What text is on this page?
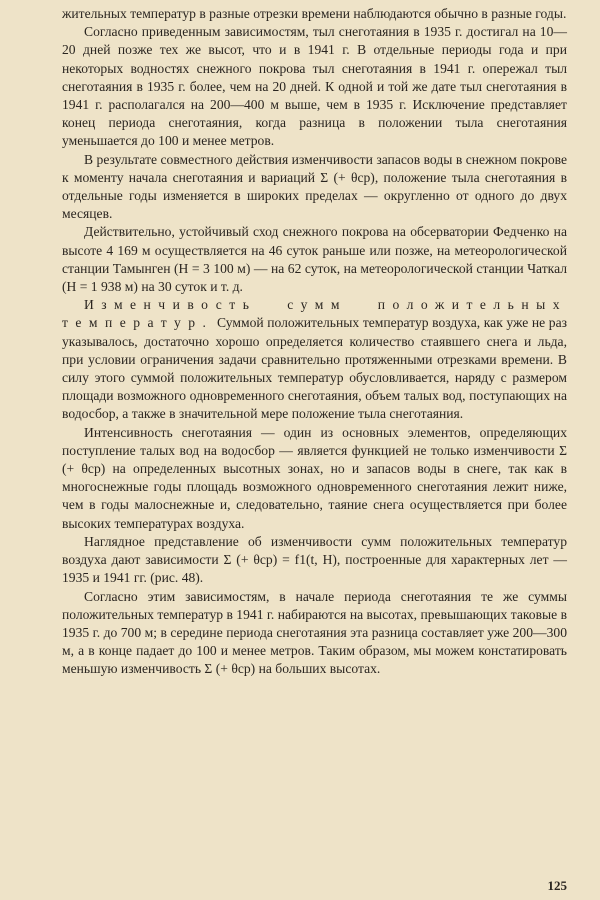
жительных температур в разные отрезки времени наблюдаются обычно в разные годы.

Согласно приведенным зависимостям, тыл снеготаяния в 1935 г. достигал на 10—20 дней позже тех же высот, что и в 1941 г. В отдельные периоды года и при некоторых водностях снежного покрова тыл снеготаяния в 1941 г. опережал тыл снеготаяния в 1935 г. более, чем на 20 дней. К одной и той же дате тыл снеготаяния в 1941 г. располагался на 200—400 м выше, чем в 1935 г. Исключение представляет конец периода снеготаяния, когда разница в положении тыла снеготаяния уменьшается до 100 и менее метров.

В результате совместного действия изменчивости запасов воды в снежном покрове к моменту начала снеготаяния и вариаций Σ (+ θср), положение тыла снеготаяния в отдельные годы изменяется в широких пределах — округленно от одного до двух месяцев.

Действительно, устойчивый сход снежного покрова на обсерватории Федченко на высоте 4 169 м осуществляется на 46 суток раньше или позже, на метеорологической станции Тамынген (H = 3 100 м) — на 62 суток, на метеорологической станции Чаткал (H = 1 938 м) на 30 суток и т. д.

Изменчивость сумм положительных температур. Суммой положительных температур воздуха, как уже не раз указывалось, достаточно хорошо определяется количество стаявшего снега и льда, при условии ограничения задачи сравнительно протяженными отрезками времени. В силу этого суммой положительных температур обусловливается, наряду с размером площади возможного одновременного снеготаяния, объем талых вод, поступающих на водосбор, а также в значительной мере положение тыла снеготаяния.

Интенсивность снеготаяния — один из основных элементов, определяющих поступление талых вод на водосбор — является функцией не только изменчивости Σ (+ θср) на определенных высотных зонах, но и запасов воды в снеге, так как в многоснежные годы площадь возможного одновременного снеготаяния лежит ниже, чем в годы малоснежные и, следовательно, таяние снега осуществляется при более высоких температурах воздуха.

Наглядное представление об изменчивости сумм положительных температур воздуха дают зависимости Σ (+ θср) = f1(t, H), построенные для характерных лет — 1935 и 1941 гг. (рис. 48).

Согласно этим зависимостям, в начале периода снеготаяния те же суммы положительных температур в 1941 г. набираются на высотах, превышающих таковые в 1935 г. до 700 м; в середине периода снеготаяния эта разница составляет уже 200—300 м, а в конце падает до 100 и менее метров. Таким образом, мы можем констатировать меньшую изменчивость Σ (+ θср) на больших высотах.

125
